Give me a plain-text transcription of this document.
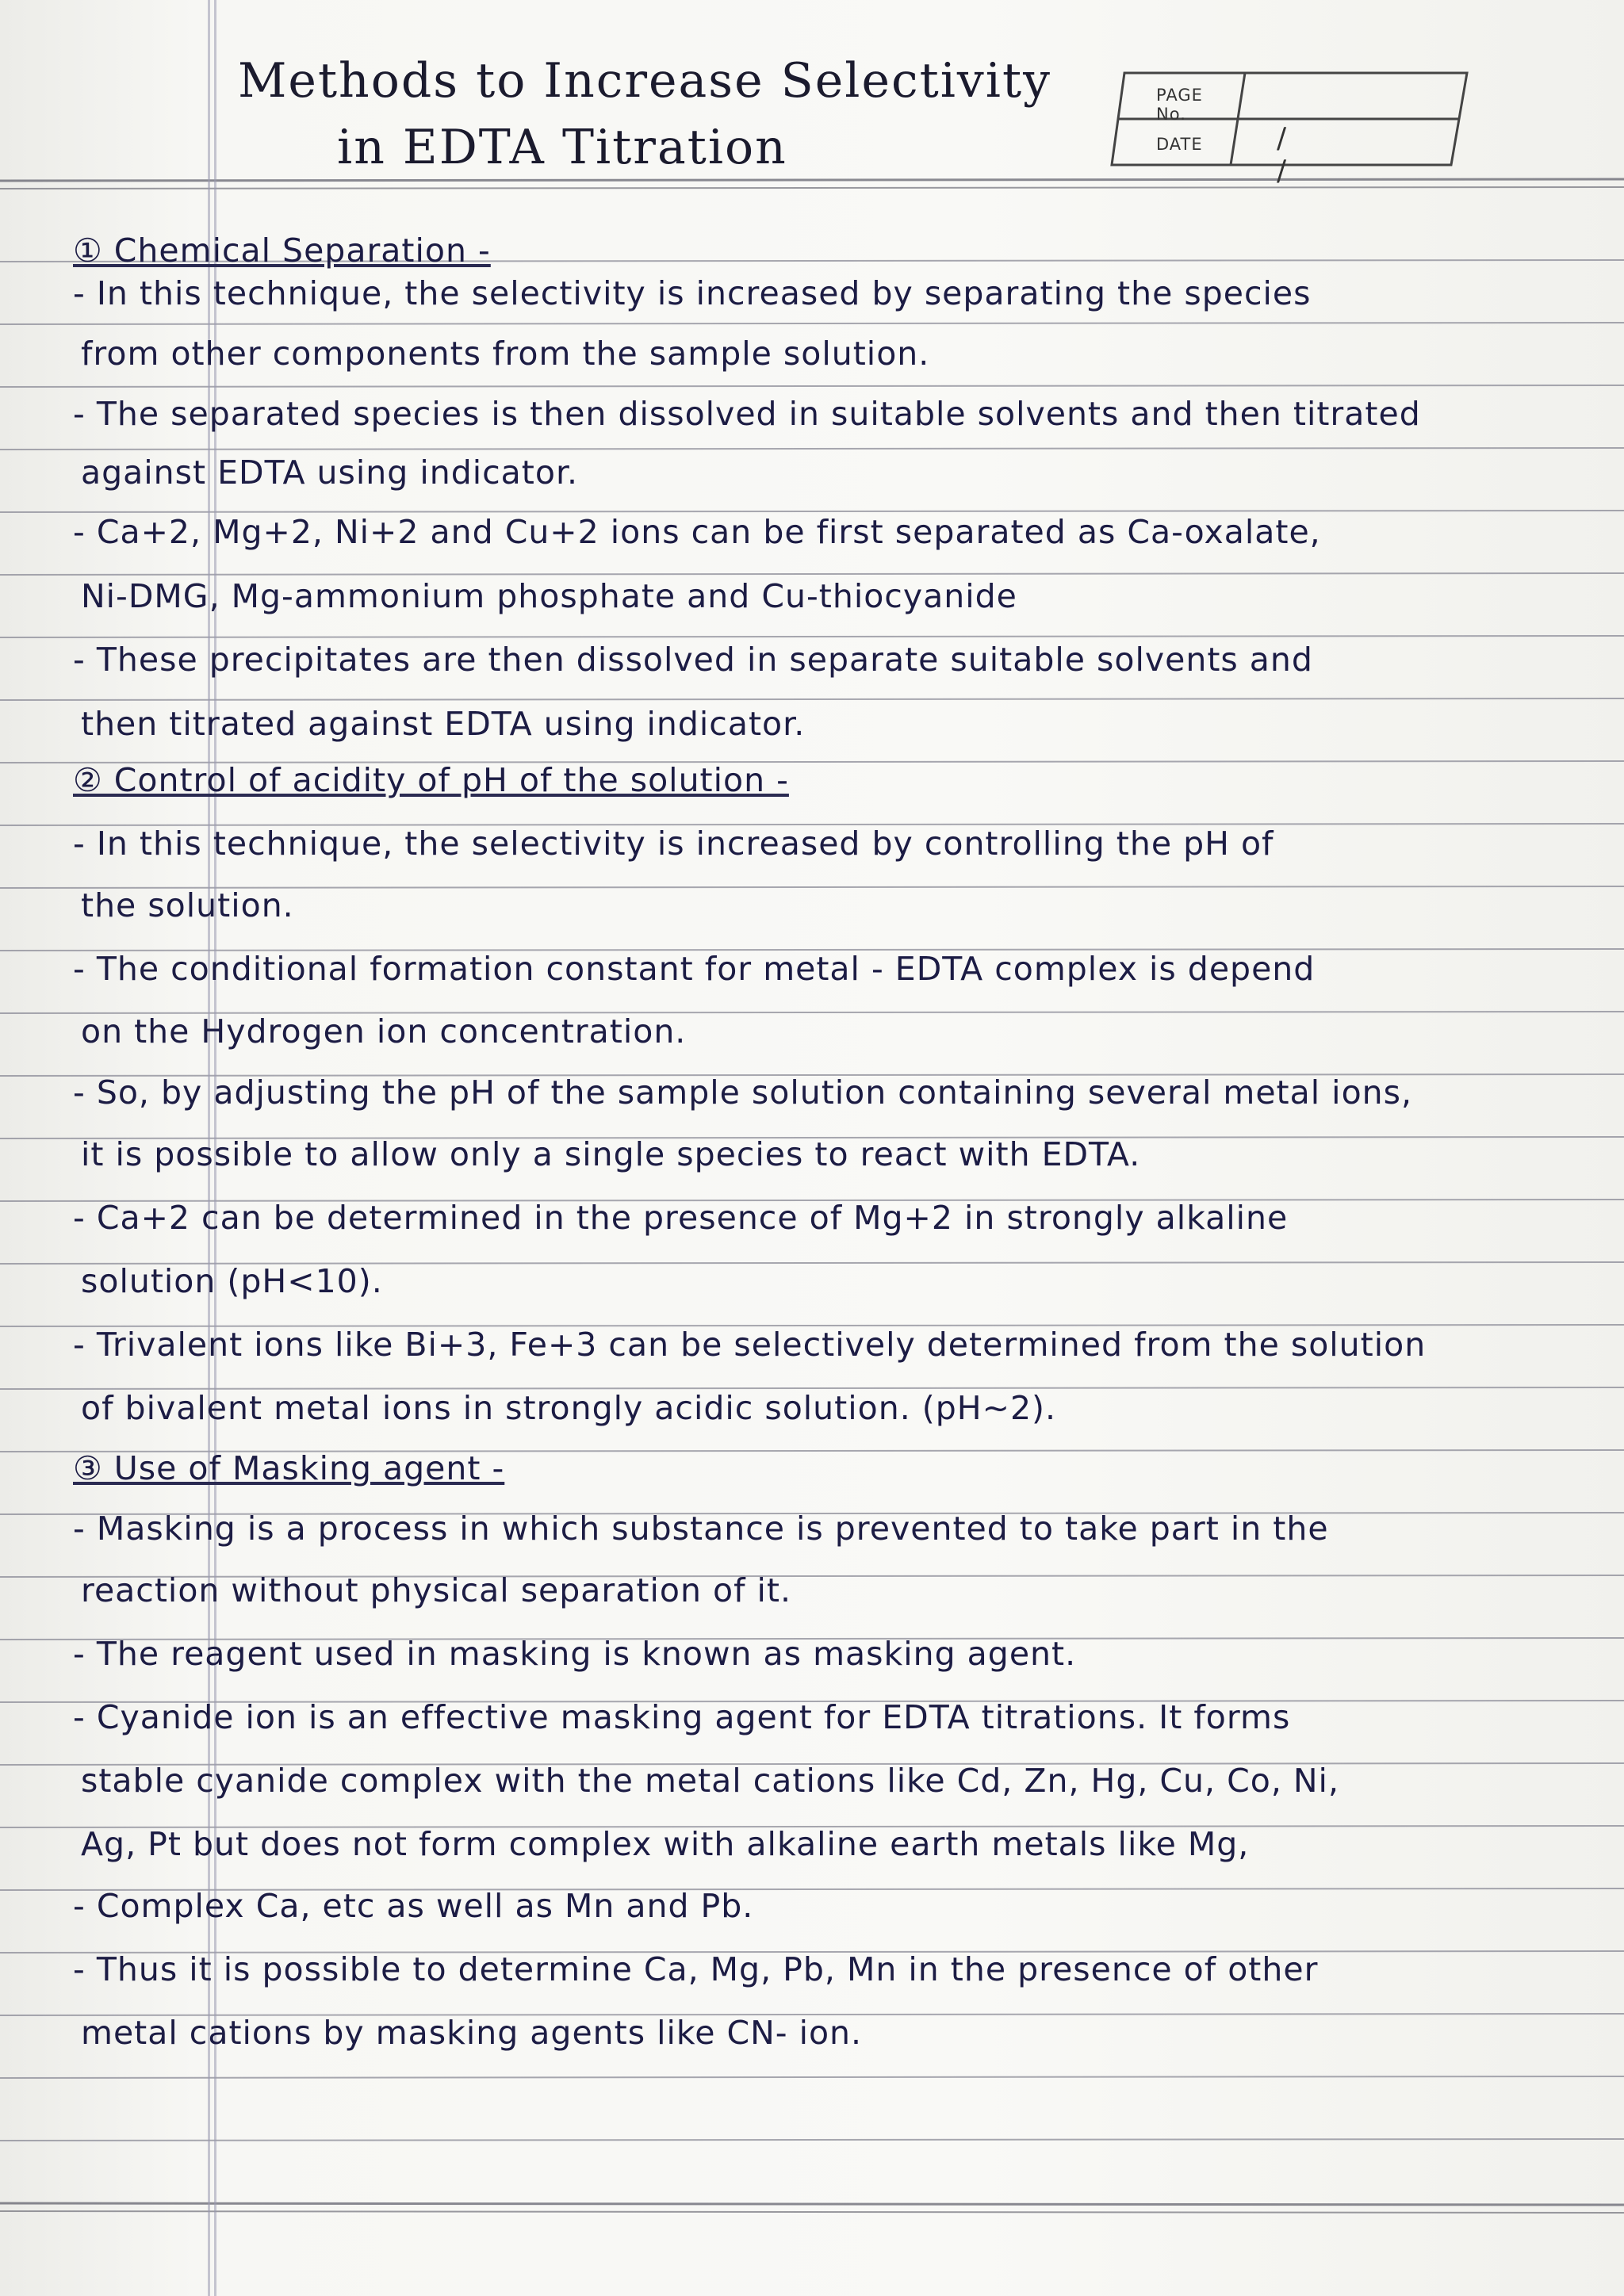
Methods to Increase Selectivity
in EDTA Titration
PAGE No.
DATE	/ /
① Chemical Separation -
- In this technique, the selectivity is increased by separating the species
from other components from the sample solution.
- The separated species is then dissolved in suitable solvents and then titrated
against EDTA using indicator.
- Ca+2, Mg+2, Ni+2 and Cu+2 ions can be first separated as Ca-oxalate,
Ni-DMG, Mg-ammonium phosphate and Cu-thiocyanide
- These precipitates are then dissolved in separate suitable solvents and
then titrated against EDTA using indicator.
② Control of acidity of pH of the solution -
- In this technique, the selectivity is increased by controlling the pH of
the solution.
- The conditional formation constant for metal - EDTA complex is depend
on the Hydrogen ion concentration.
- So, by adjusting the pH of the sample solution containing several metal ions,
it is possible to allow only a single species to react with EDTA.
- Ca+2 can be determined in the presence of Mg+2 in strongly alkaline
solution (pH<10).
- Trivalent ions like Bi+3, Fe+3 can be selectively determined from the solution
of bivalent metal ions in strongly acidic solution. (pH~2).
③ Use of Masking agent -
- Masking is a process in which substance is prevented to take part in the
reaction without physical separation of it.
- The reagent used in masking is known as masking agent.
- Cyanide ion is an effective masking agent for EDTA titrations. It forms
stable cyanide complex with the metal cations like Cd, Zn, Hg, Cu, Co, Ni,
Ag, Pt but does not form complex with alkaline earth metals like Mg,
- Complex Ca, etc as well as Mn and Pb.
- Thus it is possible to determine Ca, Mg, Pb, Mn in the presence of other
metal cations by masking agents like CN- ion.
